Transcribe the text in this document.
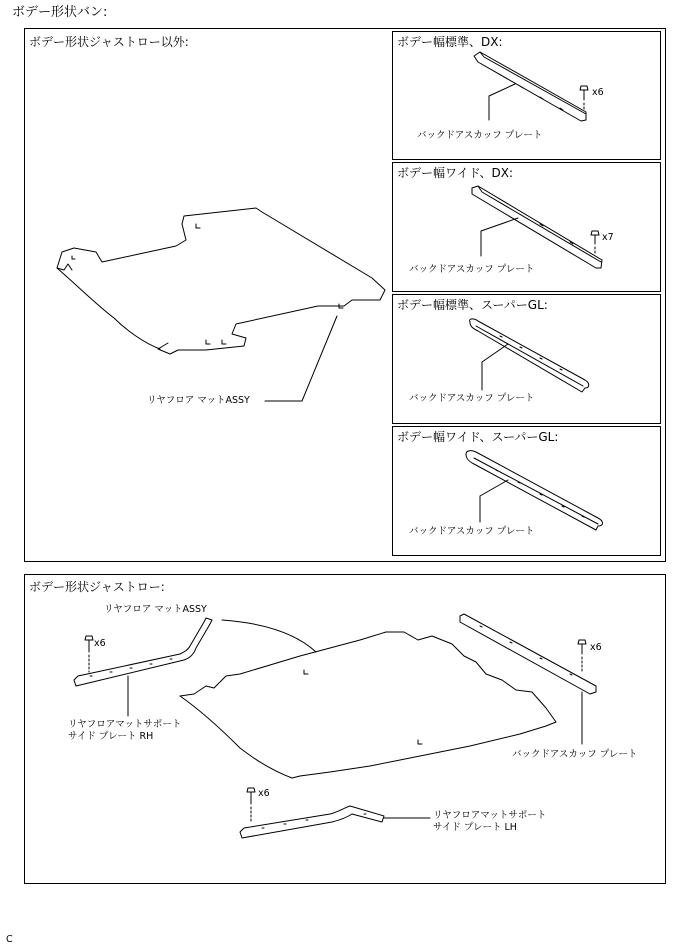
ボデー形状バン:
ボデー形状ジャストロー以外:	ボデー幅標準、DX:
ボデー幅ワイド、DX:
ボデー幅標準、スーパーGL:
ボデー幅ワイド、スーパーGL:
ボデー形状ジャストロー:
リヤフロア マットASSY
バックドアスカッフ プレート
x6
バックドアスカッフ プレート
x7
バックドアスカッフ プレート
バックドアスカッフ プレート
リヤフロア マットASSY
x6
リヤフロアマットサポート
サイド プレート RH
x6
バックドアスカッフ プレート
x6
リヤフロアマットサポート
サイド プレート LH
C
